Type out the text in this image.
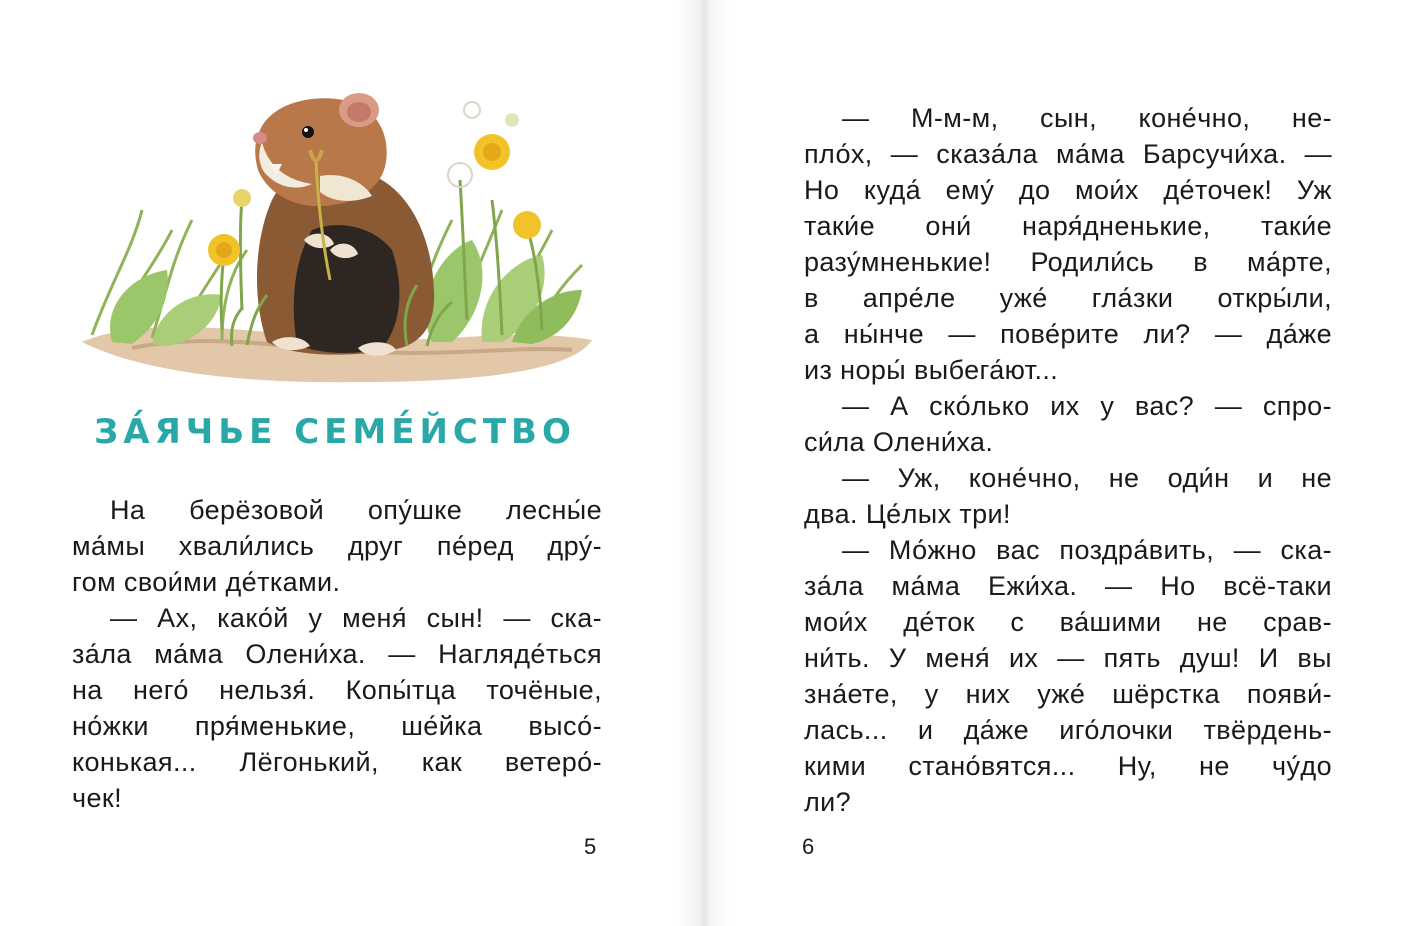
ЗА́ЯЧЬЕ СЕМЕ́ЙСТВО
На берёзовой опу́шке лесны́е
ма́мы хвали́лись друг пе́ред дру́-
гом свои́ми де́тками.
— Ах, како́й у меня́ сын! — ска-
за́ла ма́ма Олени́ха. — Нагляде́ться
на него́ нельзя́. Копы́тца точёные,
но́жки пря́менькие, ше́йка высо́-
конькая... Лёгонький, как ветеро́-
чек!
5	6
— М-м-м, сын, коне́чно, не-
пло́х, — сказа́ла ма́ма Барсучи́ха. —
Но куда́ ему́ до мои́х де́точек! Уж
таки́е они́ наря́дненькие, таки́е
разу́мненькие! Родили́сь в ма́рте,
в апре́ле уже́ гла́зки откры́ли,
а ны́нче — пове́рите ли? — да́же
из норы́ выбега́ют...
— А ско́лько их у вас? — спро-
си́ла Олени́ха.
— Уж, коне́чно, не оди́н и не
два. Це́лых три!
— Мо́жно вас поздра́вить, — ска-
за́ла ма́ма Ежи́ха. — Но всё-таки
мои́х де́ток с ва́шими не срав-
ни́ть. У меня́ их — пять душ! И вы
зна́ете, у них уже́ шёрстка появи́-
лась... и да́же иго́лочки твёрдень-
кими стано́вятся... Ну, не чу́до
ли?
